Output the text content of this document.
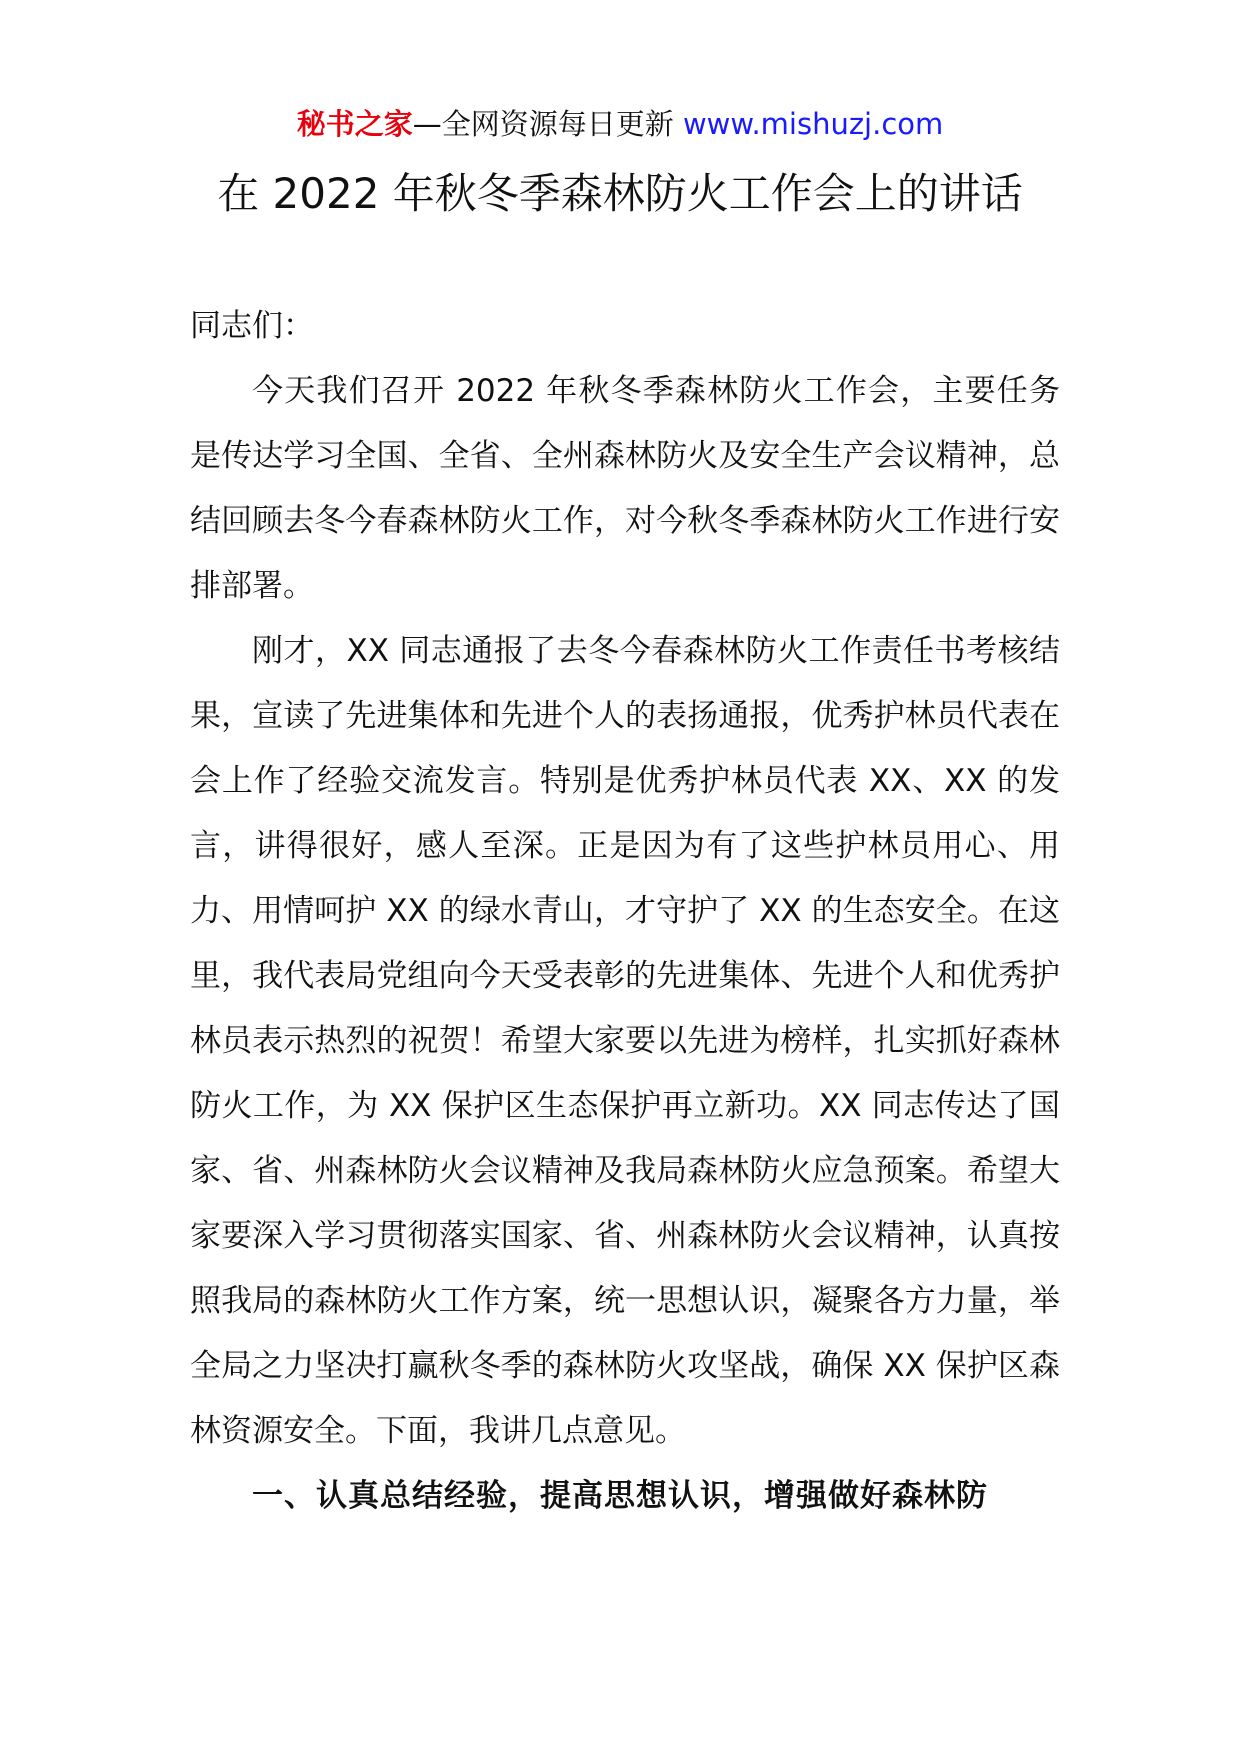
秘书之家—全网资源每日更新 www.mishuzj.com
在 2022 年秋冬季森林防火工作会上的讲话

同志们：

今天我们召开 2022 年秋冬季森林防火工作会，主要任务是传达学习全国、全省、全州森林防火及安全生产会议精神，总结回顾去冬今春森林防火工作，对今秋冬季森林防火工作进行安排部署。

刚才，XX 同志通报了去冬今春森林防火工作责任书考核结果，宣读了先进集体和先进个人的表扬通报，优秀护林员代表在会上作了经验交流发言。特别是优秀护林员代表 XX、XX 的发言，讲得很好，感人至深。正是因为有了这些护林员用心、用力、用情呵护 XX 的绿水青山，才守护了 XX 的生态安全。在这里，我代表局党组向今天受表彰的先进集体、先进个人和优秀护林员表示热烈的祝贺！希望大家要以先进为榜样，扎实抓好森林防火工作，为 XX 保护区生态保护再立新功。XX 同志传达了国家、省、州森林防火会议精神及我局森林防火应急预案。希望大家要深入学习贯彻落实国家、省、州森林防火会议精神，认真按照我局的森林防火工作方案，统一思想认识，凝聚各方力量，举全局之力坚决打赢秋冬季的森林防火攻坚战，确保 XX 保护区森林资源安全。下面，我讲几点意见。

一、认真总结经验，提高思想认识，增强做好森林防
